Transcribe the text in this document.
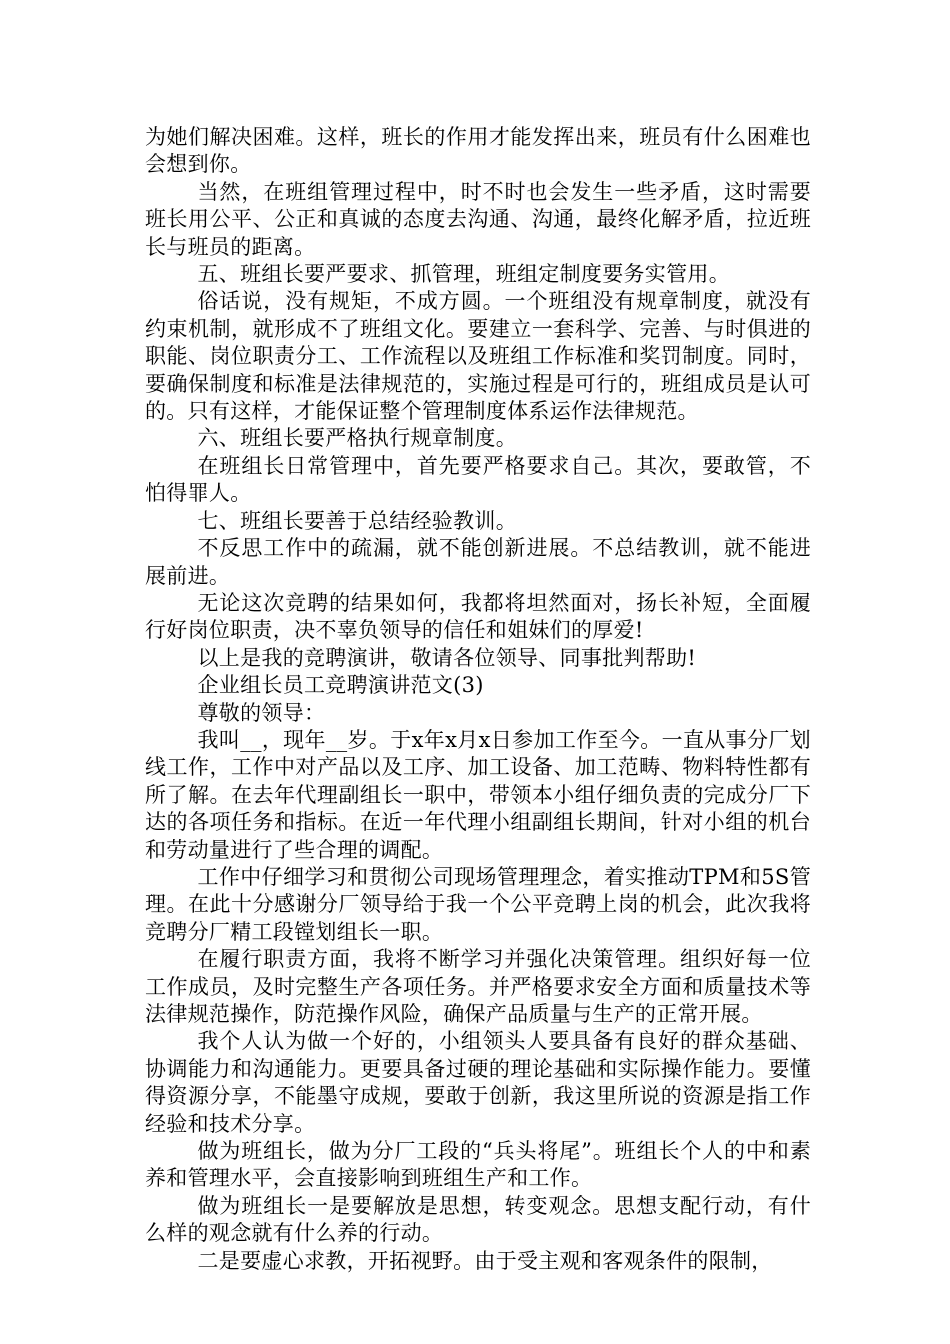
为她们解决困难。这样，班长的作用才能发挥出来，班员有什么困难也会想到你。

当然，在班组管理过程中，时不时也会发生一些矛盾，这时需要班长用公平、公正和真诚的态度去沟通、沟通，最终化解矛盾，拉近班长与班员的距离。

五、班组长要严要求、抓管理，班组定制度要务实管用。

俗话说，没有规矩，不成方圆。一个班组没有规章制度，就没有约束机制，就形成不了班组文化。要建立一套科学、完善、与时俱进的职能、岗位职责分工、工作流程以及班组工作标准和奖罚制度。同时，要确保制度和标准是法律规范的，实施过程是可行的，班组成员是认可的。只有这样，才能保证整个管理制度体系运作法律规范。

六、班组长要严格执行规章制度。

在班组长日常管理中，首先要严格要求自己。其次，要敢管，不怕得罪人。

七、班组长要善于总结经验教训。

不反思工作中的疏漏，就不能创新进展。不总结教训，就不能进展前进。

无论这次竞聘的结果如何，我都将坦然面对，扬长补短，全面履行好岗位职责，决不辜负领导的信任和姐妹们的厚爱!

以上是我的竞聘演讲，敬请各位领导、同事批判帮助!

企业组长员工竞聘演讲范文(3)

尊敬的领导：

我叫__，现年__岁。于x年x月x日参加工作至今。一直从事分厂划线工作，工作中对产品以及工序、加工设备、加工范畴、物料特性都有所了解。在去年代理副组长一职中，带领本小组仔细负责的完成分厂下达的各项任务和指标。在近一年代理小组副组长期间，针对小组的机台和劳动量进行了些合理的调配。

工作中仔细学习和贯彻公司现场管理理念，着实推动TPM和5S管理。在此十分感谢分厂领导给于我一个公平竞聘上岗的机会，此次我将竞聘分厂精工段镗划组长一职。

在履行职责方面，我将不断学习并强化决策管理。组织好每一位工作成员，及时完整生产各项任务。并严格要求安全方面和质量技术等法律规范操作，防范操作风险，确保产品质量与生产的正常开展。

我个人认为做一个好的，小组领头人要具备有良好的群众基础、协调能力和沟通能力。更要具备过硬的理论基础和实际操作能力。要懂得资源分享，不能墨守成规，要敢于创新，我这里所说的资源是指工作经验和技术分享。

做为班组长，做为分厂工段的“兵头将尾”。班组长个人的中和素养和管理水平，会直接影响到班组生产和工作。

做为班组长一是要解放是思想，转变观念。思想支配行动，有什么样的观念就有什么养的行动。

二是要虚心求教，开拓视野。由于受主观和客观条件的限制，
